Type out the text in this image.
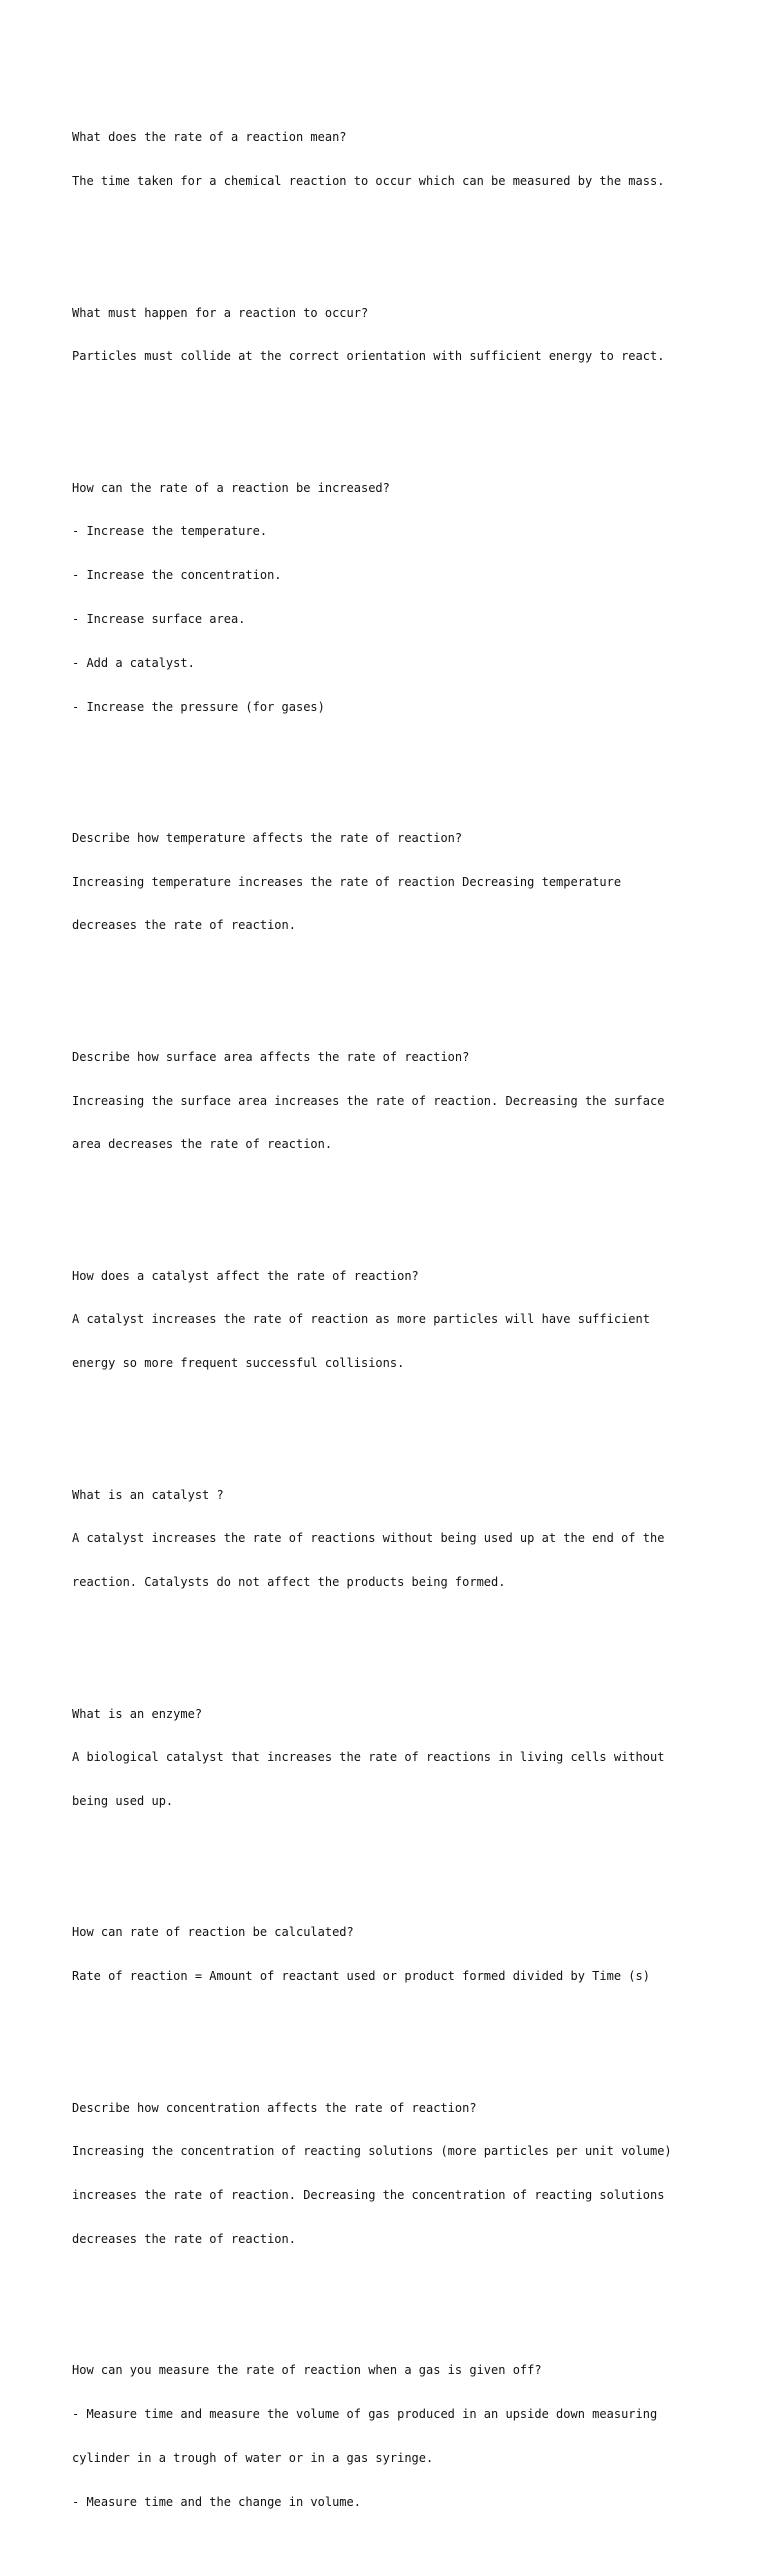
What does the rate of a reaction mean?

The time taken for a chemical reaction to occur which can be measured by the mass.

What must happen for a reaction to occur?

Particles must collide at the correct orientation with sufficient energy to react.

How can the rate of a reaction be increased?

- Increase the temperature.

- Increase the concentration.

- Increase surface area.

- Add a catalyst.

- Increase the pressure (for gases)

Describe how temperature affects the rate of reaction?

Increasing temperature increases the rate of reaction Decreasing temperature

decreases the rate of reaction.

Describe how surface area affects the rate of reaction?

Increasing the surface area increases the rate of reaction. Decreasing the surface

area decreases the rate of reaction.

How does a catalyst affect the rate of reaction?

A catalyst increases the rate of reaction as more particles will have sufficient

energy so more frequent successful collisions.

What is an catalyst ?

A catalyst increases the rate of reactions without being used up at the end of the

reaction. Catalysts do not affect the products being formed.

What is an enzyme?

A biological catalyst that increases the rate of reactions in living cells without

being used up.

How can rate of reaction be calculated?

Rate of reaction = Amount of reactant used or product formed divided by Time (s)

Describe how concentration affects the rate of reaction?

Increasing the concentration of reacting solutions (more particles per unit volume)

increases the rate of reaction. Decreasing the concentration of reacting solutions

decreases the rate of reaction.

How can you measure the rate of reaction when a gas is given off?

- Measure time and measure the volume of gas produced in an upside down measuring

cylinder in a trough of water or in a gas syringe.

- Measure time and the change in volume.
